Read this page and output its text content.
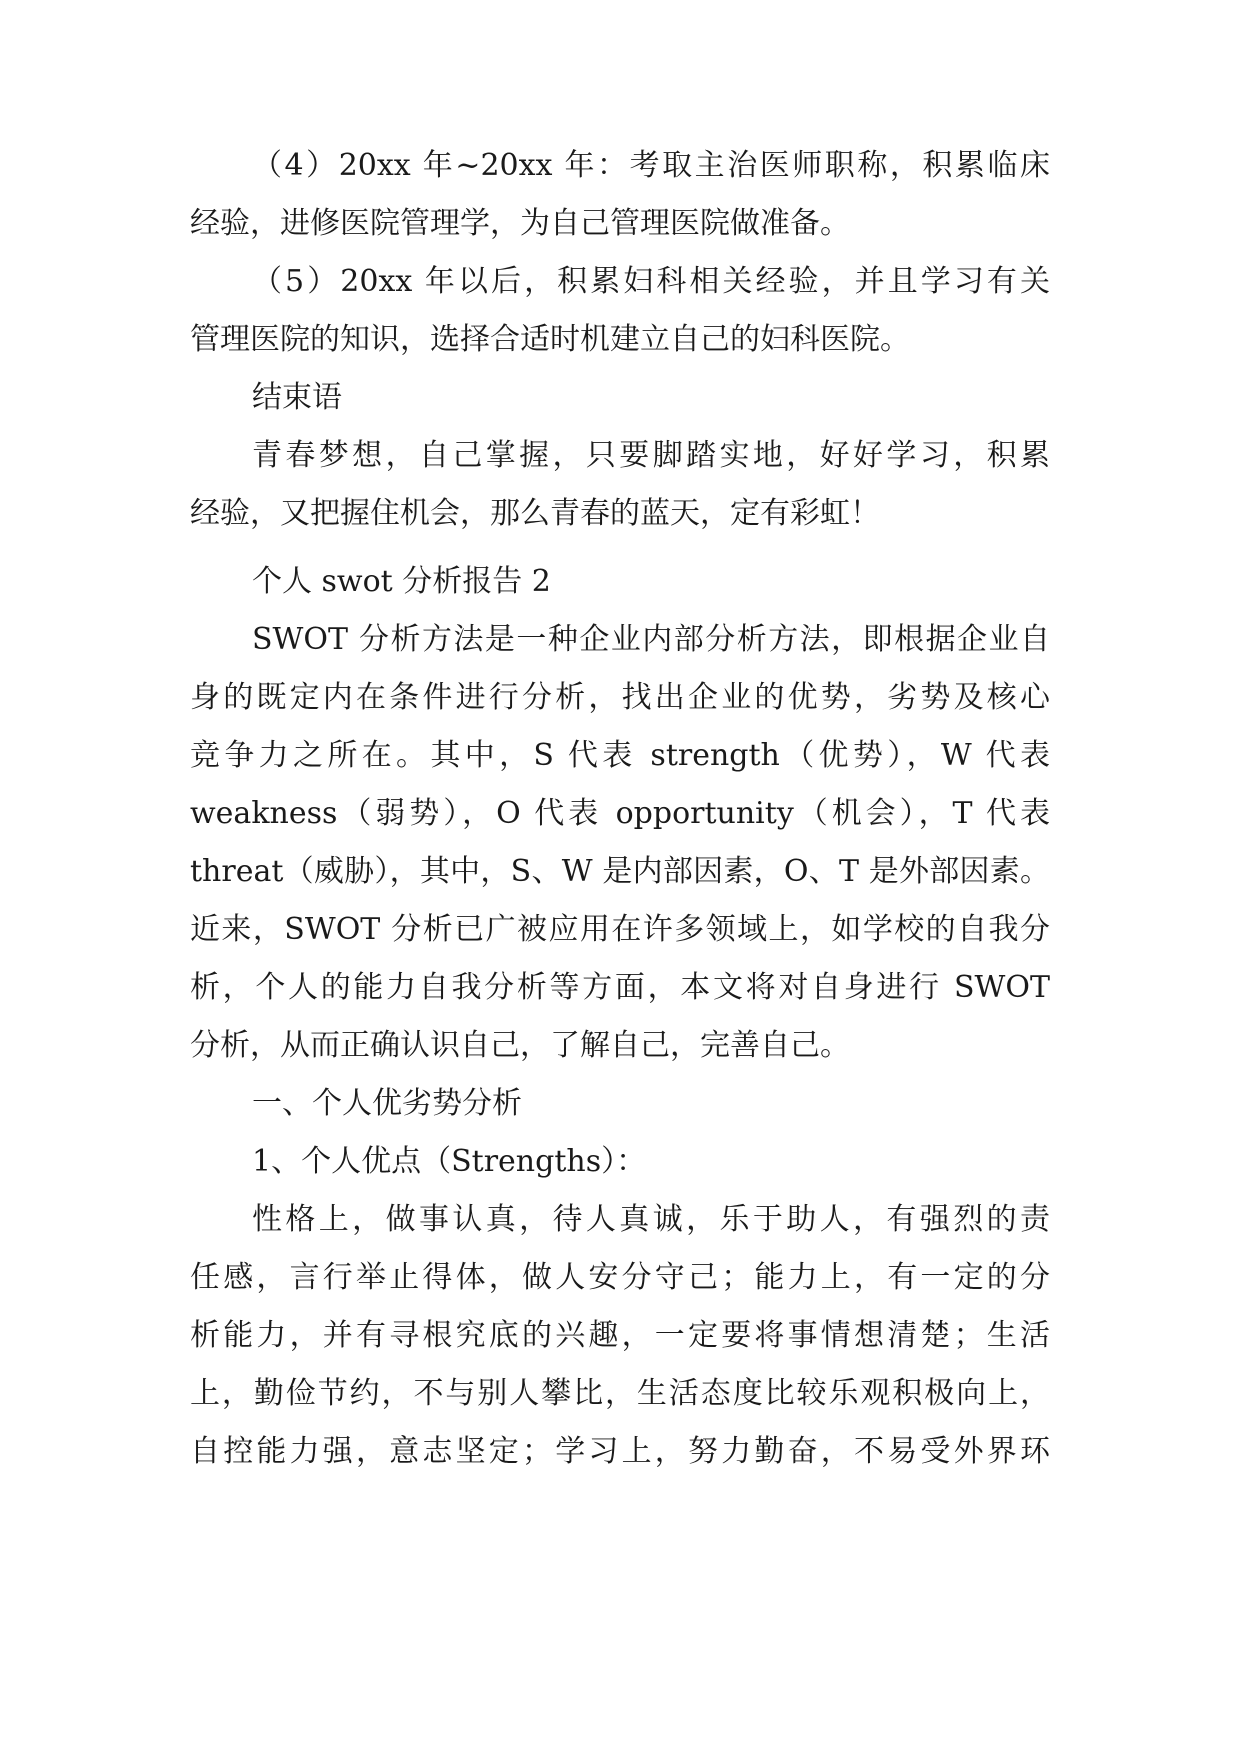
（4）20xx 年~20xx 年：考取主治医师职称，积累临床
经验，进修医院管理学，为自己管理医院做准备。
（5）20xx 年以后，积累妇科相关经验，并且学习有关
管理医院的知识，选择合适时机建立自己的妇科医院。
结束语
青春梦想，自己掌握，只要脚踏实地，好好学习，积累
经验，又把握住机会，那么青春的蓝天，定有彩虹！
个人 swot 分析报告 2
SWOT 分析方法是一种企业内部分析方法，即根据企业自
身的既定内在条件进行分析，找出企业的优势，劣势及核心
竞争力之所在。其中，S 代表 strength（优势），W 代表
weakness（弱势），O 代表 opportunity（机会），T 代表
threat（威胁），其中，S、W 是内部因素，O、T 是外部因素。
近来，SWOT 分析已广被应用在许多领域上，如学校的自我分
析，个人的能力自我分析等方面，本文将对自身进行 SWOT
分析，从而正确认识自己，了解自己，完善自己。
一、个人优劣势分析
1、个人优点（Strengths）：
性格上，做事认真，待人真诚，乐于助人，有强烈的责
任感，言行举止得体，做人安分守己；能力上，有一定的分
析能力，并有寻根究底的兴趣，一定要将事情想清楚；生活
上，勤俭节约，不与别人攀比，生活态度比较乐观积极向上，
自控能力强，意志坚定；学习上，努力勤奋，不易受外界环
